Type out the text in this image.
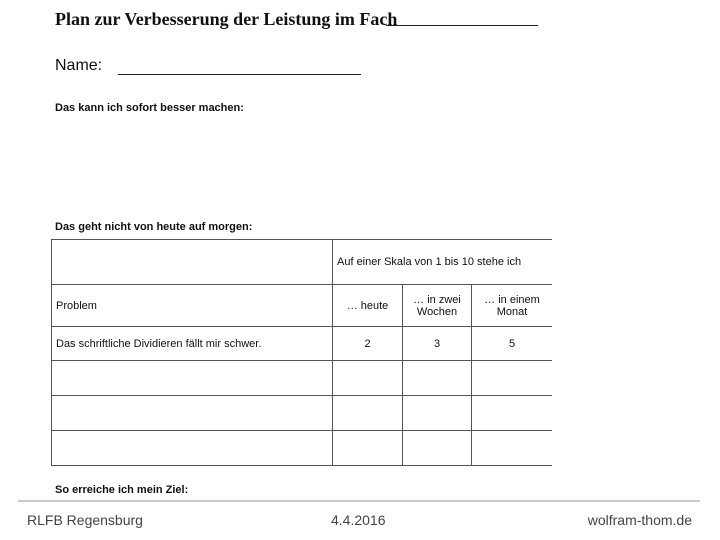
Plan zur Verbesserung der Leistung im Fach
Name:
Das kann ich sofort besser machen:
Das geht nicht von heute auf morgen:
	Auf einer Skala von 1 bis 10 stehe ich		
Problem	… heute	… in zwei Wochen	… in einem Monat
Das schriftliche Dividieren fällt mir schwer.	2	3	5

So erreiche ich mein Ziel:
RLFB Regensburg	4.4.2016	wolfram-thom.de
